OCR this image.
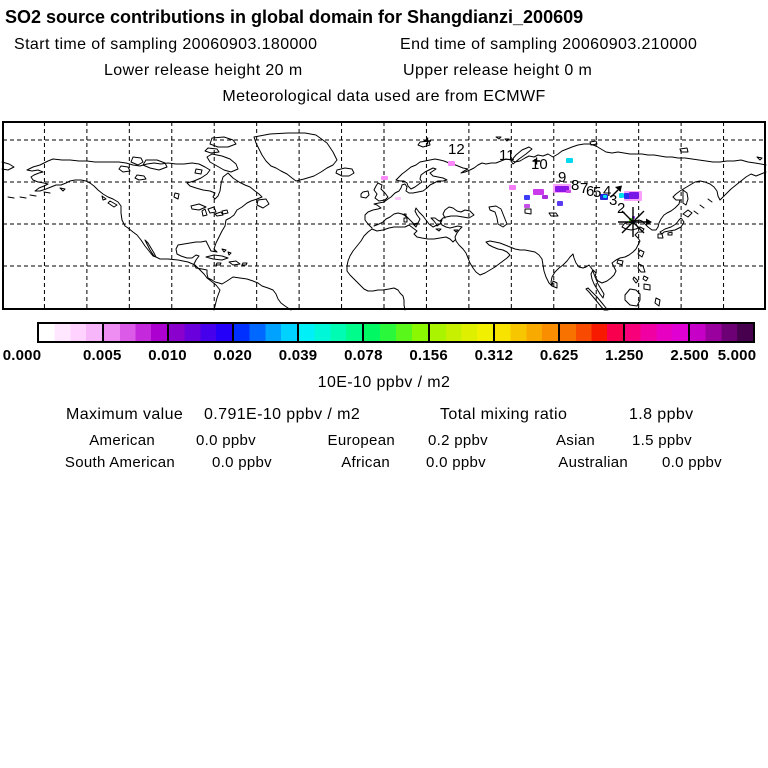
SO2 source contributions in global domain for Shangdianzi_200609
Start time of sampling 20060903.180000	End time of sampling 20060903.210000
Lower release height 20 m	Upper release height 0 m
Meteorological data used are from ECMWF
12 11
10
9 8 7
6
5 4
3 2
0.000	0.005 0.010 0.020 0.039 0.078 0.156 0.312 0.625 1.250 2.500 5.000
10E-10 ppbv / m2
Maximum value 0.791E-10 ppbv / m2	Total mixing ratio	1.8 ppbv
American	0.0 ppbv	European 0.2 ppbv	Asian 1.5 ppbv
South American 0.0 ppbv	African 0.0 ppbv	Australian 0.0 ppbv
